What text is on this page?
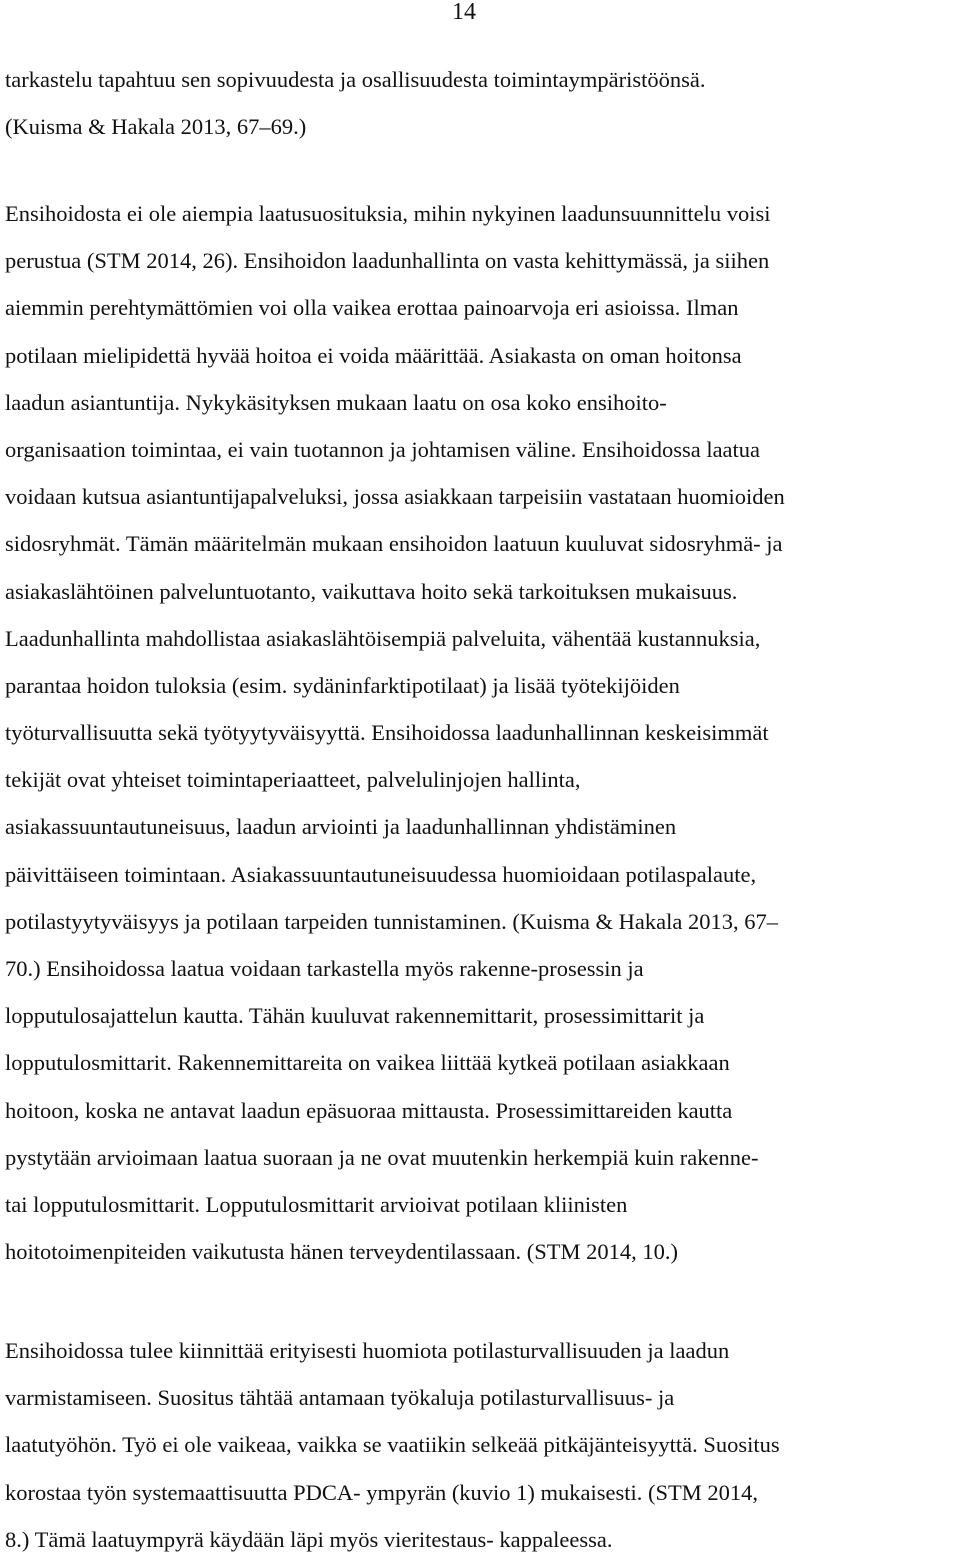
14
tarkastelu tapahtuu sen sopivuudesta ja osallisuudesta toimintaympäristöönsä.
(Kuisma & Hakala 2013, 67–69.)
Ensihoidosta ei ole aiempia laatusuosituksia, mihin nykyinen laadunsuunnittelu voisi
perustua (STM 2014, 26). Ensihoidon laadunhallinta on vasta kehittymässä, ja siihen
aiemmin perehtymättömien voi olla vaikea erottaa painoarvoja eri asioissa. Ilman
potilaan mielipidettä hyvää hoitoa ei voida määrittää. Asiakasta on oman hoitonsa
laadun asiantuntija. Nykykäsityksen mukaan laatu on osa koko ensihoito-
organisaation toimintaa, ei vain tuotannon ja johtamisen väline. Ensihoidossa laatua
voidaan kutsua asiantuntijapalveluksi, jossa asiakkaan tarpeisiin vastataan huomioiden
sidosryhmät. Tämän määritelmän mukaan ensihoidon laatuun kuuluvat sidosryhmä- ja
asiakaslähtöinen palveluntuotanto, vaikuttava hoito sekä tarkoituksen mukaisuus.
Laadunhallinta mahdollistaa asiakaslähtöisempiä palveluita, vähentää kustannuksia,
parantaa hoidon tuloksia (esim. sydäninfarktipotilaat) ja lisää työtekijöiden
työturvallisuutta sekä työtyytyväisyyttä. Ensihoidossa laadunhallinnan keskeisimmät
tekijät ovat yhteiset toimintaperiaatteet, palvelulinjojen hallinta,
asiakassuuntautuneisuus, laadun arviointi ja laadunhallinnan yhdistäminen
päivittäiseen toimintaan. Asiakassuuntautuneisuudessa huomioidaan potilaspalaute,
potilastyytyväisyys ja potilaan tarpeiden tunnistaminen. (Kuisma & Hakala 2013, 67–
70.) Ensihoidossa laatua voidaan tarkastella myös rakenne-prosessin ja
lopputulosajattelun kautta. Tähän kuuluvat rakennemittarit, prosessimittarit ja
lopputulosmittarit. Rakennemittareita on vaikea liittää kytkeä potilaan asiakkaan
hoitoon, koska ne antavat laadun epäsuoraa mittausta. Prosessimittareiden kautta
pystytään arvioimaan laatua suoraan ja ne ovat muutenkin herkempiä kuin rakenne-
tai lopputulosmittarit. Lopputulosmittarit arvioivat potilaan kliinisten
hoitotoimenpiteiden vaikutusta hänen terveydentilassaan. (STM 2014, 10.)
Ensihoidossa tulee kiinnittää erityisesti huomiota potilasturvallisuuden ja laadun
varmistamiseen. Suositus tähtää antamaan työkaluja potilasturvallisuus- ja
laatutyöhön. Työ ei ole vaikeaa, vaikka se vaatiikin selkeää pitkäjänteisyyttä. Suositus
korostaa työn systemaattisuutta PDCA- ympyrän (kuvio 1) mukaisesti. (STM 2014,
8.) Tämä laatuympyrä käydään läpi myös vieritestaus- kappaleessa.
